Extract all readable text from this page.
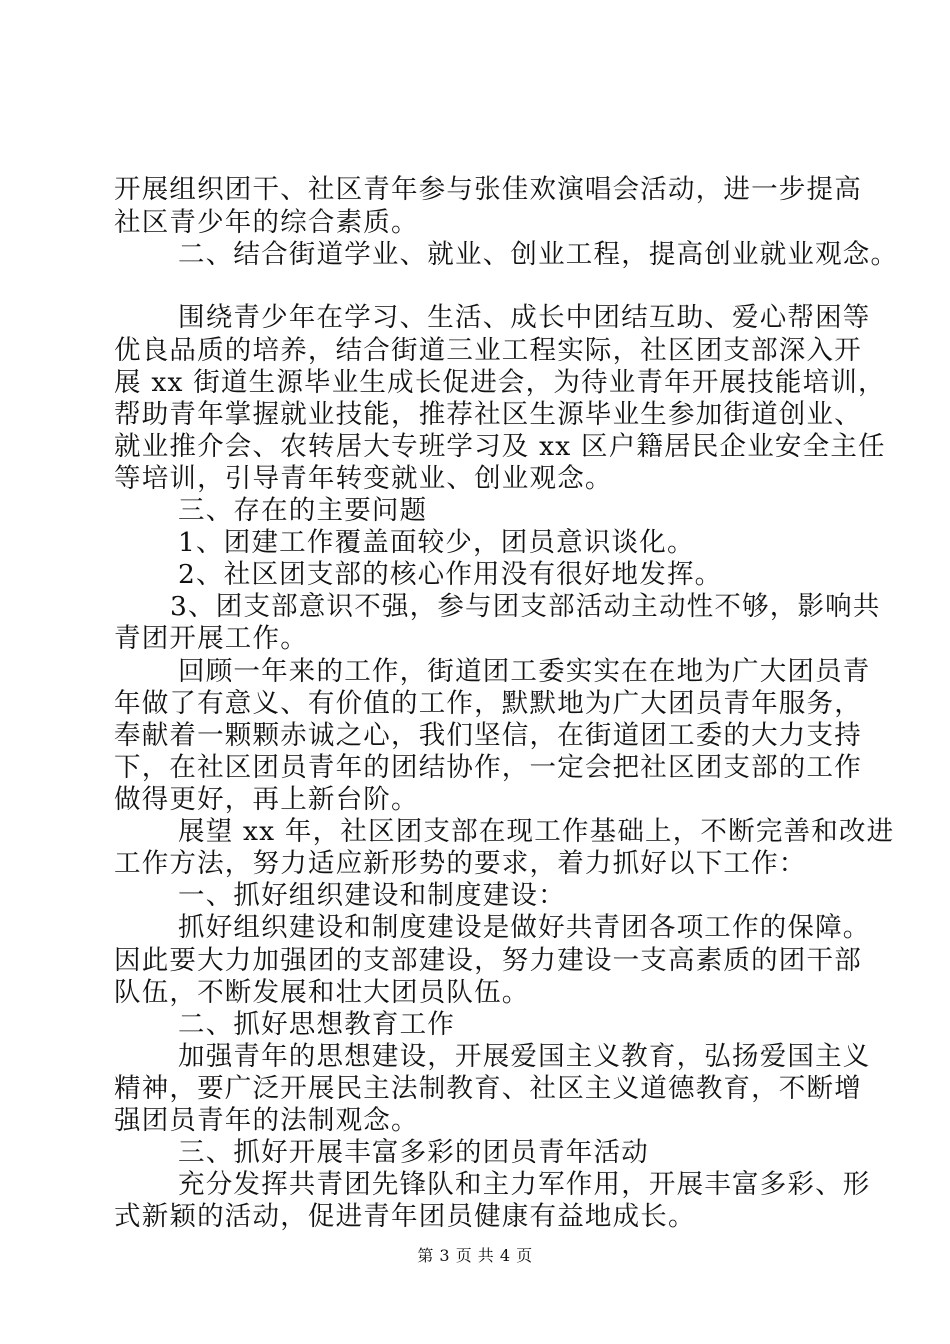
开展组织团干、社区青年参与张佳欢演唱会活动，进一步提高
社区青少年的综合素质。
二、结合街道学业、就业、创业工程，提高创业就业观念。
围绕青少年在学习、生活、成长中团结互助、爱心帮困等
优良品质的培养，结合街道三业工程实际，社区团支部深入开
展 xx 街道生源毕业生成长促进会，为待业青年开展技能培训，
帮助青年掌握就业技能，推荐社区生源毕业生参加街道创业、
就业推介会、农转居大专班学习及 xx 区户籍居民企业安全主任
等培训，引导青年转变就业、创业观念。
三、存在的主要问题
1、团建工作覆盖面较少，团员意识谈化。
2、社区团支部的核心作用没有很好地发挥。
3、团支部意识不强，参与团支部活动主动性不够，影响共
青团开展工作。
回顾一年来的工作，街道团工委实实在在地为广大团员青
年做了有意义、有价值的工作，默默地为广大团员青年服务，
奉献着一颗颗赤诚之心，我们坚信，在街道团工委的大力支持
下，在社区团员青年的团结协作，一定会把社区团支部的工作
做得更好，再上新台阶。
展望 xx 年，社区团支部在现工作基础上，不断完善和改进
工作方法，努力适应新形势的要求，着力抓好以下工作：
一、抓好组织建设和制度建设：
抓好组织建设和制度建设是做好共青团各项工作的保障。
因此要大力加强团的支部建设，努力建设一支高素质的团干部
队伍，不断发展和壮大团员队伍。
二、抓好思想教育工作
加强青年的思想建设，开展爱国主义教育，弘扬爱国主义
精神，要广泛开展民主法制教育、社区主义道德教育，不断增
强团员青年的法制观念。
三、抓好开展丰富多彩的团员青年活动
充分发挥共青团先锋队和主力军作用，开展丰富多彩、形
式新颖的活动，促进青年团员健康有益地成长。
第 3 页 共 4 页
